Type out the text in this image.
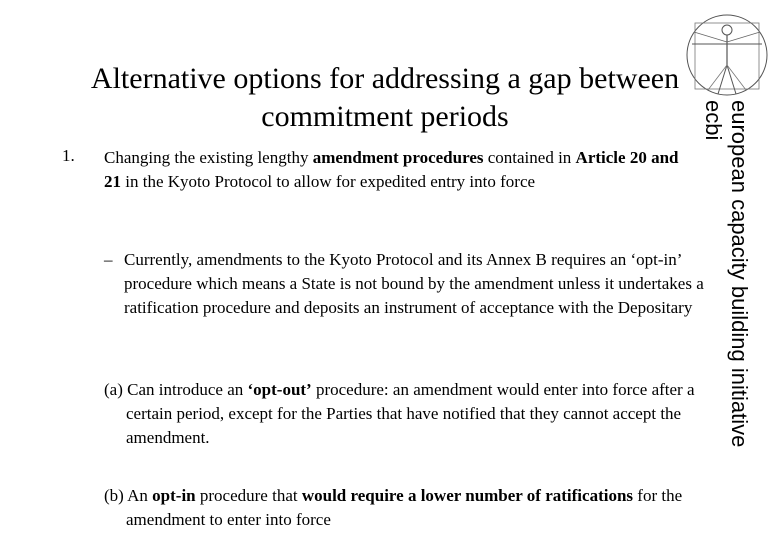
Alternative options for addressing a gap between commitment periods
1. Changing the existing lengthy amendment procedures contained in Article 20 and 21 in the Kyoto Protocol to allow for expedited entry into force
– Currently, amendments to the Kyoto Protocol and its Annex B requires an ‘opt-in’ procedure which means a State is not bound by the amendment unless it undertakes a ratification procedure and deposits an instrument of acceptance with the Depositary
(a) Can introduce an ‘opt-out’ procedure: an amendment would enter into force after a certain period, except for the Parties that have notified that they cannot accept the amendment.
(b) An opt-in procedure that would require a lower number of ratifications for the amendment to enter into force
european capacity building initiative
ecbi
